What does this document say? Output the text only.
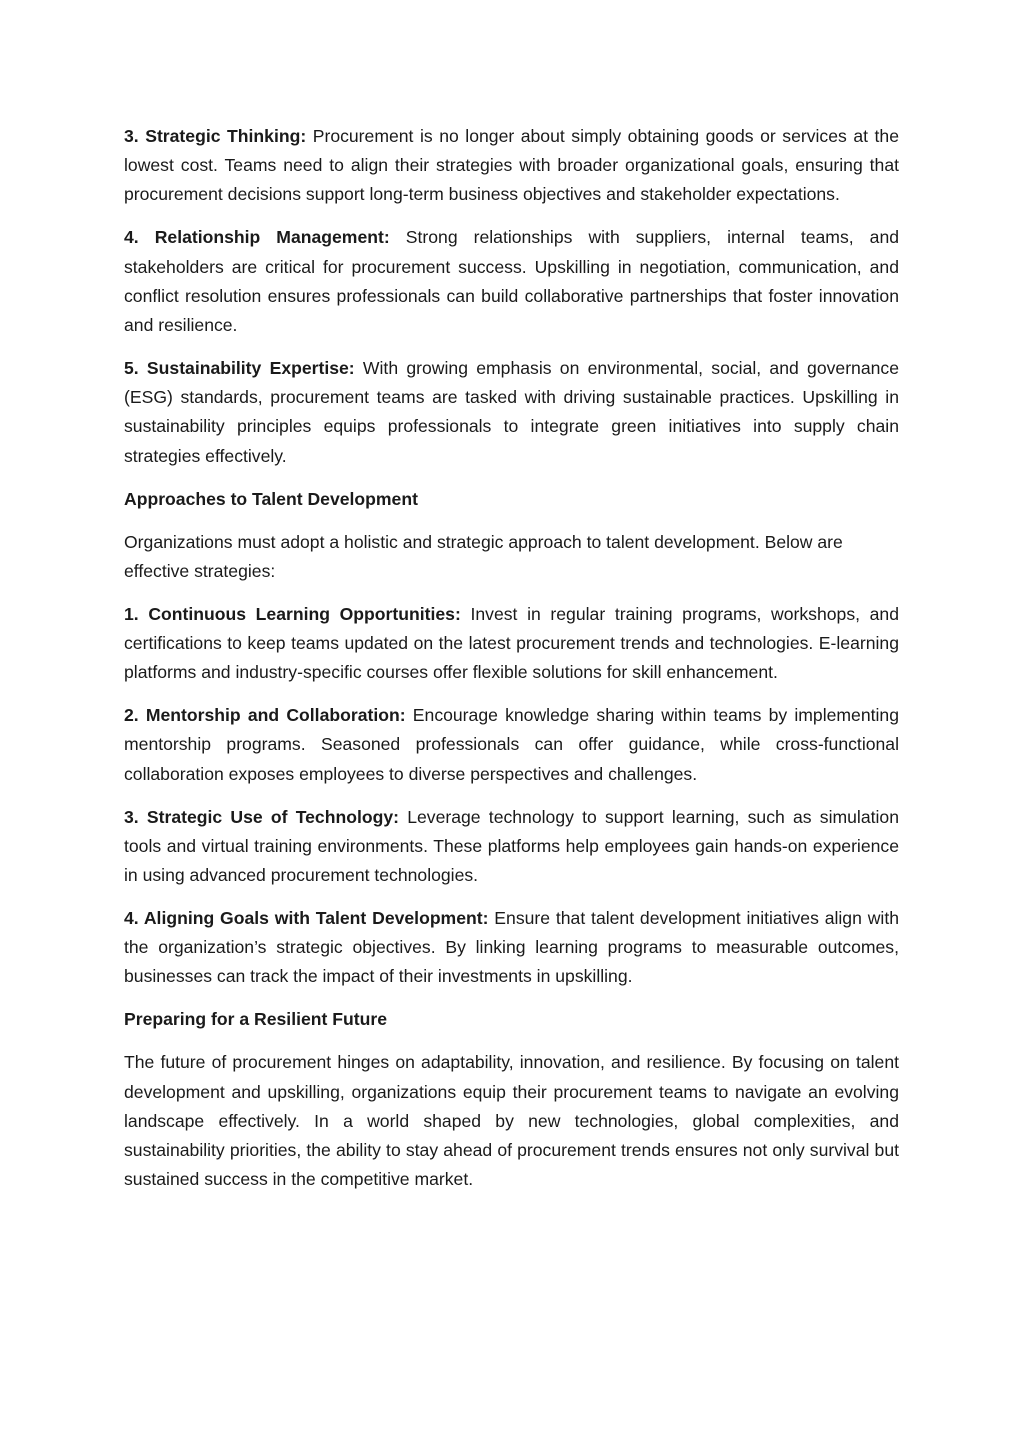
3. Strategic Thinking: Procurement is no longer about simply obtaining goods or services at the lowest cost. Teams need to align their strategies with broader organizational goals, ensuring that procurement decisions support long-term business objectives and stakeholder expectations.

4. Relationship Management: Strong relationships with suppliers, internal teams, and stakeholders are critical for procurement success. Upskilling in negotiation, communication, and conflict resolution ensures professionals can build collaborative partnerships that foster innovation and resilience.

5. Sustainability Expertise: With growing emphasis on environmental, social, and governance (ESG) standards, procurement teams are tasked with driving sustainable practices. Upskilling in sustainability principles equips professionals to integrate green initiatives into supply chain strategies effectively.

Approaches to Talent Development

Organizations must adopt a holistic and strategic approach to talent development. Below are effective strategies:

1. Continuous Learning Opportunities: Invest in regular training programs, workshops, and certifications to keep teams updated on the latest procurement trends and technologies. E-learning platforms and industry-specific courses offer flexible solutions for skill enhancement.

2. Mentorship and Collaboration: Encourage knowledge sharing within teams by implementing mentorship programs. Seasoned professionals can offer guidance, while cross-functional collaboration exposes employees to diverse perspectives and challenges.

3. Strategic Use of Technology: Leverage technology to support learning, such as simulation tools and virtual training environments. These platforms help employees gain hands-on experience in using advanced procurement technologies.

4. Aligning Goals with Talent Development: Ensure that talent development initiatives align with the organization’s strategic objectives. By linking learning programs to measurable outcomes, businesses can track the impact of their investments in upskilling.

Preparing for a Resilient Future

The future of procurement hinges on adaptability, innovation, and resilience. By focusing on talent development and upskilling, organizations equip their procurement teams to navigate an evolving landscape effectively. In a world shaped by new technologies, global complexities, and sustainability priorities, the ability to stay ahead of procurement trends ensures not only survival but sustained success in the competitive market.
